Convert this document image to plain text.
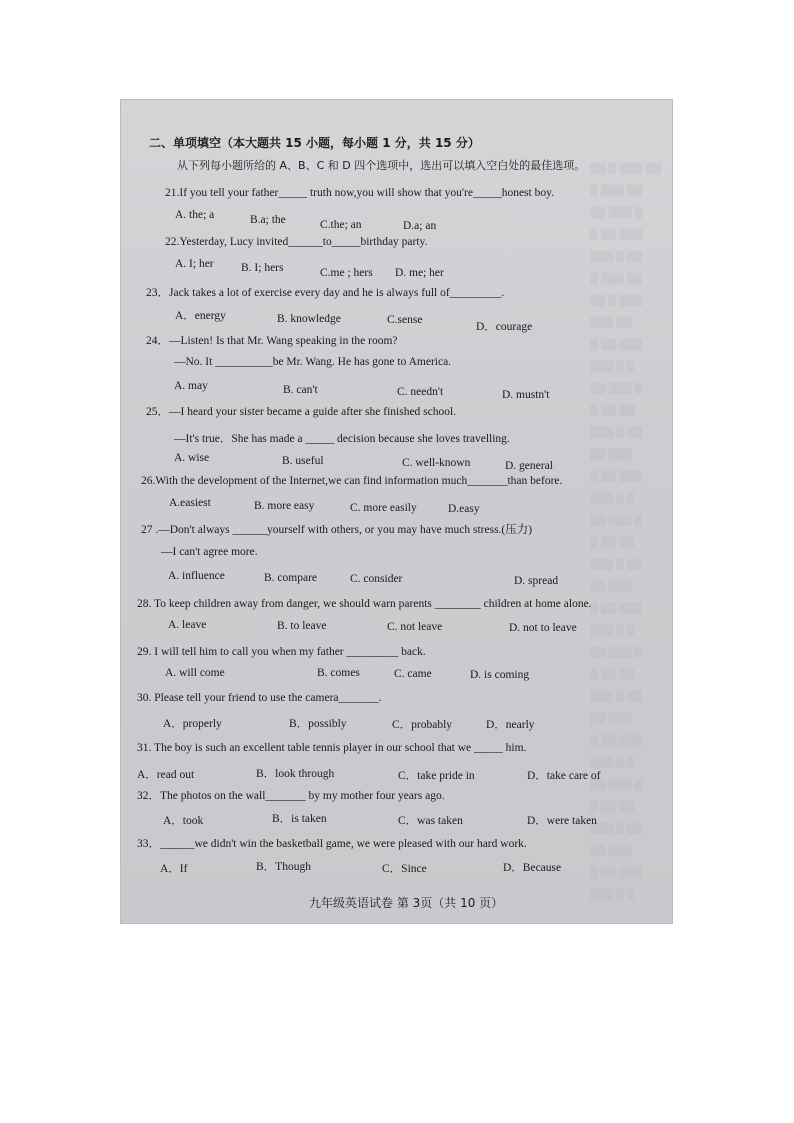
▒▒ ▒ ▒▒▒ ▒▒
▒ ▒▒▒ ▒▒
▒▒ ▒▒▒ ▒
▒ ▒▒ ▒▒▒
▒▒▒ ▒ ▒▒
▒ ▒▒▒ ▒▒
▒▒ ▒ ▒▒▒
▒▒▒ ▒▒
▒ ▒▒ ▒▒▒
▒▒▒ ▒ ▒
▒▒ ▒▒▒ ▒
▒ ▒▒ ▒▒
▒▒▒ ▒ ▒▒
▒▒ ▒▒▒
▒ ▒▒ ▒▒▒
▒▒▒ ▒ ▒
▒▒ ▒▒▒ ▒
▒ ▒▒ ▒▒
▒▒▒ ▒ ▒▒
▒▒ ▒▒▒
▒ ▒▒ ▒▒▒
▒▒▒ ▒ ▒
▒▒ ▒▒▒ ▒
▒ ▒▒ ▒▒
▒▒▒ ▒ ▒▒
▒▒ ▒▒▒
▒ ▒▒ ▒▒▒
▒▒▒ ▒ ▒
▒▒ ▒▒▒ ▒
▒ ▒▒ ▒▒
▒▒▒ ▒ ▒▒
▒▒ ▒▒▒
▒ ▒▒ ▒▒▒
▒▒▒ ▒ ▒
二、单项填空（本大题共 15 小题，每小题 1 分，共 15 分）
从下列每小题所给的 A、B、C 和 D 四个选项中，选出可以填入空白处的最佳选项。
21.If you tell your father_____ truth now,you will show that you're_____honest boy.
A. the; a	B.a; the	C.the; an	D.a; an
22.Yesterday, Lucy invited______to_____birthday party.
A. I; her B. I; hers	C.me ; hers D. me; her
23．Jack takes a lot of exercise every day and he is always full of_________.
A．energy	B. knowledge	C.sense
D．courage
24．—Listen! Is that Mr. Wang speaking in the room?
—No. It __________be Mr. Wang. He has gone to America.
A. may	B. can't	C. needn't	D. mustn't
25．—I heard your sister became a guide after she finished school.
—It's true．She has made a _____ decision because she loves travelling.
A. wise	B. useful	C. well-known	D. general
26.With the development of the Internet,we can find information much_______than before.
A.easiest	B. more easy	C. more easily	D.easy
27 .—Don't always ______yourself with others, or you may have much stress.(压力)
—I can't agree more.
A. influence	B. compare	C. consider	D. spread
28. To keep children away from danger, we should warn parents ________ children at home alone.
A. leave	B. to leave	C. not leave	D. not to leave
29. I will tell him to call you when my father _________ back.
A. will come	B. comes	C. came	D. is coming
30. Please tell your friend to use the camera_______.
A．properly	B．possibly	C．probably	D．nearly
31. The boy is such an excellent table tennis player in our school that we _____ him.
A．read out	B．look through	C．take pride in	D．take care of
32．The photos on the wall_______ by my mother four years ago.
A．took	B．is taken	C．was taken	D．were taken
33．______we didn't win the basketball game, we were pleased with our hard work.
A．If	B．Though	C．Since	D．Because
九年级英语试卷 第 3页（共 10 页）
